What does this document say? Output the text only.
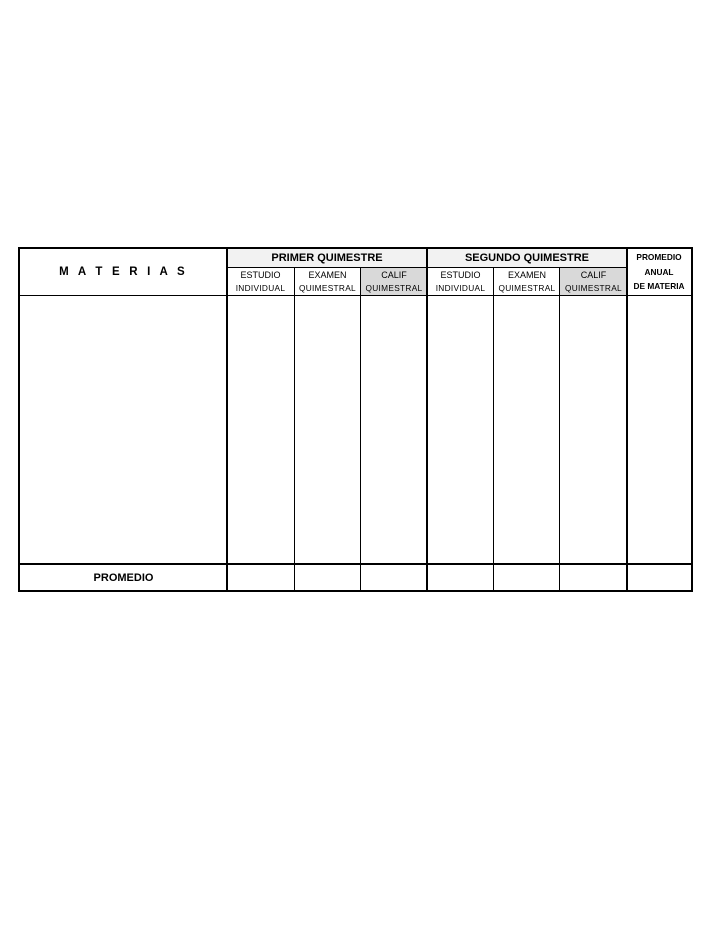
M A T E R I A S
PRIMER QUIMESTRE	SEGUNDO QUIMESTRE
ESTUDIO
INDIVIDUAL
EXAMEN
QUIMESTRAL
CALIF
QUIMESTRAL
ESTUDIO
INDIVIDUAL
EXAMEN
QUIMESTRAL
CALIF
QUIMESTRAL
PROMEDIO
ANUAL
DE MATERIA
PROMEDIO
